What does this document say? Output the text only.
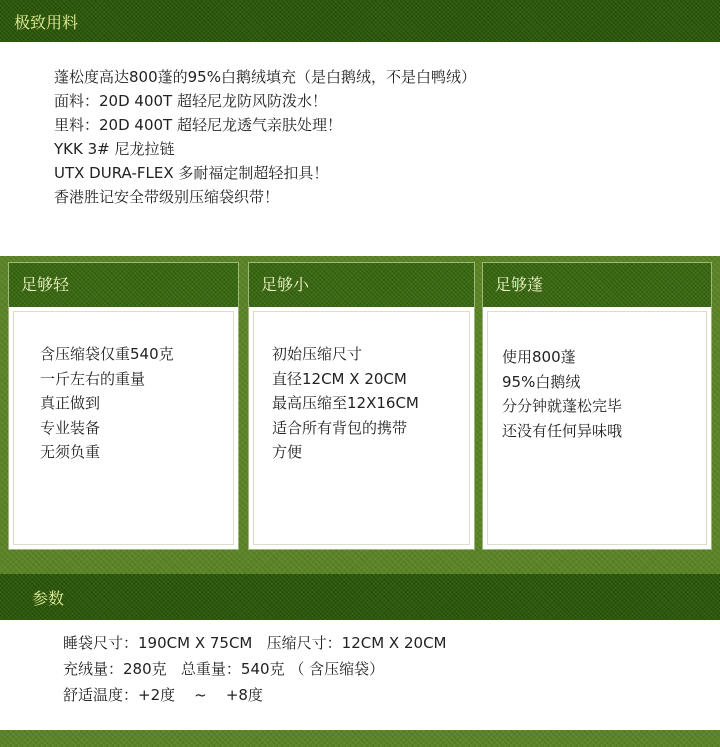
极致用料
蓬松度高达800蓬的95%白鹅绒填充（是白鹅绒，不是白鸭绒）
面料：20D 400T 超轻尼龙防风防泼水！
里料：20D 400T 超轻尼龙透气亲肤处理！
YKK 3# 尼龙拉链
UTX DURA-FLEX 多耐福定制超轻扣具！
香港胜记安全带级别压缩袋织带！
足够轻
含压缩袋仅重540克
一斤左右的重量
真正做到
专业装备
无须负重
足够小
初始压缩尺寸
直径12CM X 20CM
最高压缩至12X16CM
适合所有背包的携带
方便
足够蓬
使用800蓬
95%白鹅绒
分分钟就蓬松完毕
还没有任何异味哦
参数
睡袋尺寸：190CM X 75CM   压缩尺寸：12CM X 20CM
充绒量：280克   总重量：540克 （ 含压缩袋）
舒适温度：+2度    ~    +8度
